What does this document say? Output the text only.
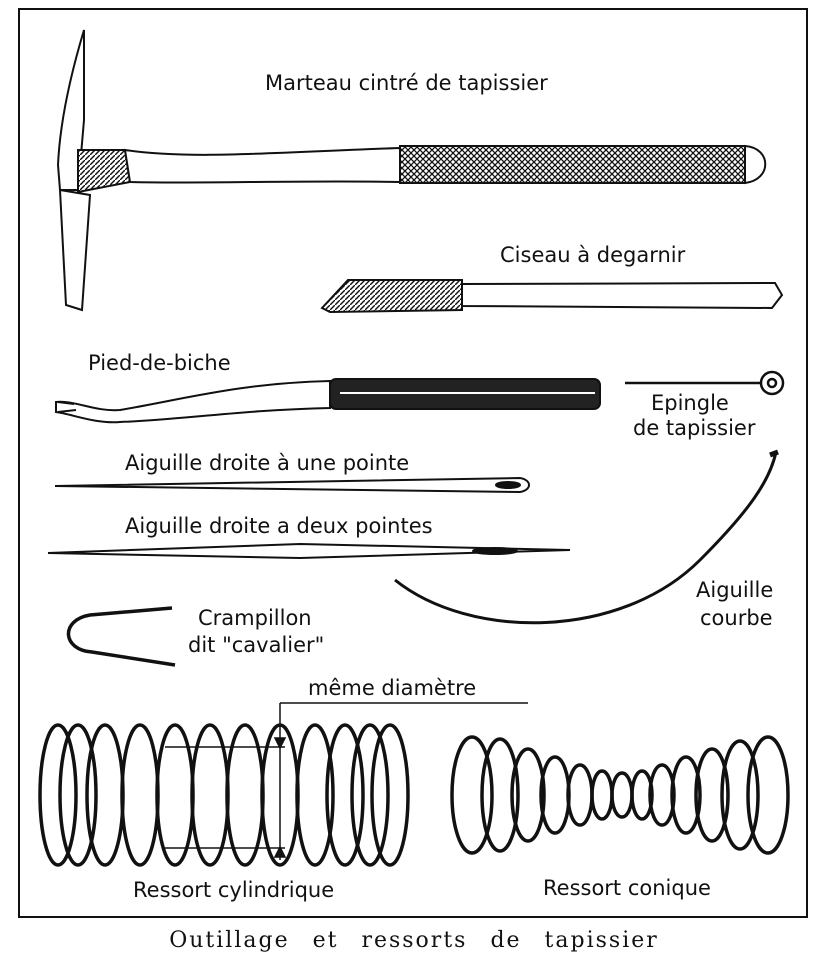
Marteau cintré de tapissier
Ciseau à degarnir
Pied-de-biche
Epingle
de tapissier
Aiguille droite à une pointe
Aiguille droite a deux pointes
Aiguille
courbe
Crampillon
dit "cavalier"
même diamètre
Ressort cylindrique	Ressort conique
Outillage et ressorts de tapissier
